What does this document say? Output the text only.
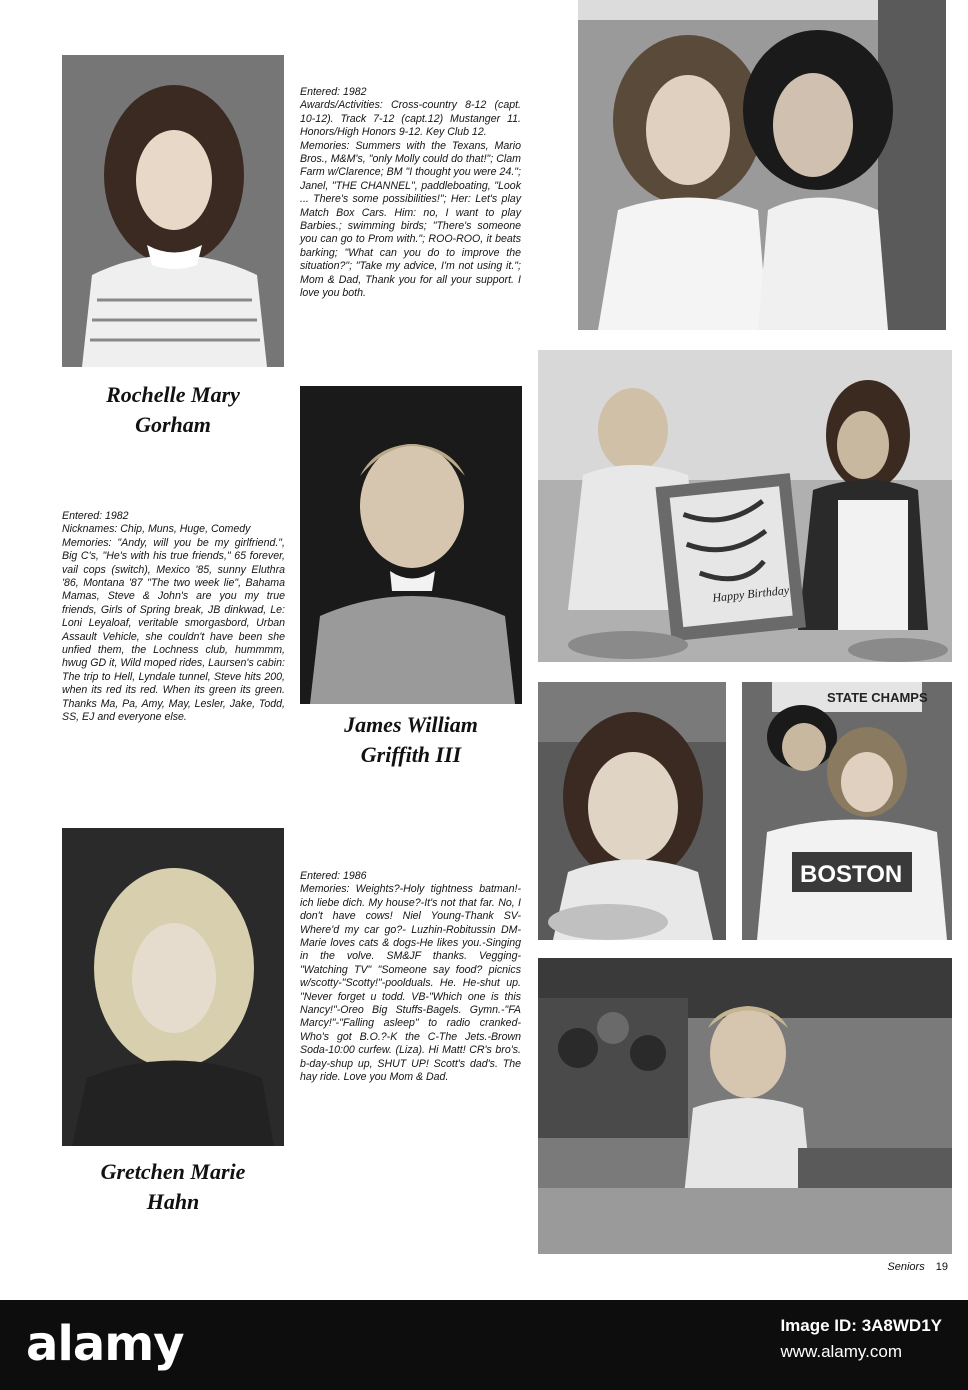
Rochelle Mary
Gorham

Entered: 1982

Awards/Activities: Cross-country 8-12 (capt. 10-12). Track 7-12 (capt.12) Mustanger 11. Honors/High Honors 9-12. Key Club 12.

Memories: Summers with the Texans, Mario Bros., M&M's, "only Molly could do that!"; Clam Farm w/Clarence; BM "I thought you were 24."; Janel, "THE CHANNEL", paddleboating, "Look ... There's some possibilities!"; Her: Let's play Match Box Cars. Him: no, I want to play Barbies.; swimming birds; "There's someone you can go to Prom with."; ROO-ROO, it beats barking; "What can you do to improve the situation?"; "Take my advice, I'm not using it."; Mom & Dad, Thank you for all your support. I love you both.

James William
Griffith III

Entered: 1982

Nicknames: Chip, Muns, Huge, Comedy

Memories: "Andy, will you be my girlfriend.", Big C's, "He's with his true friends," 65 forever, vail cops (switch), Mexico '85, sunny Eluthra '86, Montana '87 "The two week lie", Bahama Mamas, Steve & John's are you my true friends, Girls of Spring break, JB dinkwad, Le: Loni Leyaloaf, veritable smorgasbord, Urban Assault Vehicle, she couldn't have been she unfied them, the Lochness club, hummmm, hwug GD it, Wild moped rides, Laursen's cabin: The trip to Hell, Lyndale tunnel, Steve hits 200, when its red its red. When its green its green. Thanks Ma, Pa, Amy, May, Lesler, Jake, Todd, SS, EJ and everyone else.

Gretchen Marie
Hahn

Entered: 1986

Memories: Weights?-Holy tightness batman!-ich liebe dich. My house?-It's not that far. No, I don't have cows! Niel Young-Thank SV-Where'd my car go?- Luzhin-Robitussin DM-Marie loves cats & dogs-He likes you.-Singing in the volve. SM&JF thanks. Vegging-"Watching TV" "Someone say food? picnics w/scotty-"Scotty!"-poolduals. He. He-shut up. "Never forget u todd. VB-"Which one is this Nancy!"-Oreo Big Stuffs-Bagels. Gymn.-"FA Marcy!"-"Falling asleep" to radio cranked-Who's got B.O.?-K the C-The Jets.-Brown Soda-10:00 curfew. (Liza). Hi Matt! CR's bro's. b-day-shup up, SHUT UP! Scott's dad's. The hay ride. Love you Mom & Dad.

Happy Birthday
STATE CHAMPS
BOSTON
Seniors 19
alamy	Image ID: 3A8WD1Y
www.alamy.com
